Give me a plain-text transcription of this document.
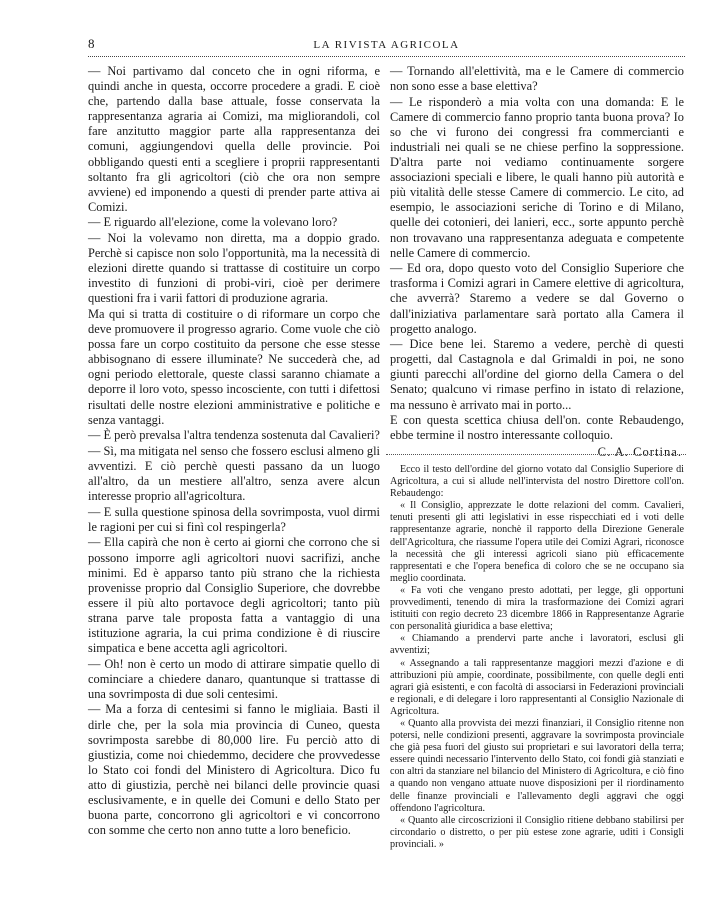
8	LA RIVISTA AGRICOLA

— Noi partivamo dal conceto che in ogni riforma, e quindi anche in questa, occorre procedere a gradi. E cioè che, partendo dalla base attuale, fosse conservata la rappresentanza agraria ai Comizi, ma migliorandoli, col fare anzitutto maggior parte alla rappresentanza dei comuni, aggiungendovi quella delle provincie. Poi obbligando questi enti a scegliere i proprii rappresentanti soltanto fra gli agricoltori (ciò che ora non sempre avviene) ed imponendo a questi di prender parte attiva ai Comizi.

— E riguardo all'elezione, come la volevano loro?

— Noi la volevamo non diretta, ma a doppio grado. Perchè si capisce non solo l'opportunità, ma la necessità di elezioni dirette quando si trattasse di costituire un corpo investito di funzioni di probi-viri, cioè per derimere questioni fra i varii fattori di produzione agraria.

Ma qui si tratta di costituire o di riformare un corpo che deve promuovere il progresso agrario. Come vuole che ciò possa fare un corpo costituito da persone che esse stesse abbisognano di essere illuminate? Ne succederà che, ad ogni periodo elettorale, queste classi saranno chiamate a deporre il loro voto, spesso incosciente, con tutti i difettosi risultati delle nostre elezioni amministrative e politiche e senza vantaggi.

— È però prevalsa l'altra tendenza sostenuta dal Cavalieri?

— Sì, ma mitigata nel senso che fossero esclusi almeno gli avventizi. E ciò perchè questi passano da un luogo all'altro, da un mestiere all'altro, senza avere alcun interesse proprio all'agricoltura.

— E sulla questione spinosa della sovrimposta, vuol dirmi le ragioni per cui si finì col respingerla?

— Ella capirà che non è certo ai giorni che corrono che si possono imporre agli agricoltori nuovi sacrifizi, anche minimi. Ed è apparso tanto più strano che la richiesta provenisse proprio dal Consiglio Superiore, che dovrebbe essere il più alto portavoce degli agricoltori; tanto più strana parve tale proposta fatta a vantaggio di una istituzione agraria, la cui prima condizione è di riuscire simpatica e bene accetta agli agricoltori.

— Oh! non è certo un modo di attirare simpatie quello di cominciare a chiedere danaro, quantunque si trattasse di una sovrimposta di due soli centesimi.

— Ma a forza di centesimi si fanno le migliaia. Basti il dirle che, per la sola mia provincia di Cuneo, questa sovrimposta sarebbe di 80,000 lire. Fu perciò atto di giustizia, come noi chiedemmo, decidere che provvedesse lo Stato coi fondi del Ministero di Agricoltura. Dico fu atto di giustizia, perchè nei bilanci delle provincie quasi esclusivamente, e in quelle dei Comuni e dello Stato per buona parte, concorrono gli agricoltori e vi concorrono con somme che certo non anno tutte a loro beneficio.

— Tornando all'elettività, ma e le Camere di commercio non sono esse a base elettiva?

— Le risponderò a mia volta con una domanda: E le Camere di commercio fanno proprio tanta buona prova? Io so che vi furono dei congressi fra commercianti e industriali nei quali se ne chiese perfino la soppressione. D'altra parte noi vediamo continuamente sorgere associazioni speciali e libere, le quali hanno più autorità e più vitalità delle stesse Camere di commercio. Le cito, ad esempio, le associazioni seriche di Torino e di Milano, quelle dei cotonieri, dei lanieri, ecc., sorte appunto perchè non trovavano una rappresentanza adeguata e competente nelle Camere di commercio.

— Ed ora, dopo questo voto del Consiglio Superiore che trasforma i Comizi agrari in Camere elettive di agricoltura, che avverrà? Staremo a vedere se dal Governo o dall'iniziativa parlamentare sarà portato alla Camera il progetto analogo.

— Dice bene lei. Staremo a vedere, perchè di questi progetti, dal Castagnola e dal Grimaldi in poi, ne sono giunti parecchi all'ordine del giorno della Camera o del Senato; qualcuno vi rimase perfino in istato di relazione, ma nessuno è arrivato mai in porto...

E con questa scettica chiusa dell'on. conte Rebaudengo, ebbe termine il nostro interessante colloquio.

C. A. Cortina.

Ecco il testo dell'ordine del giorno votato dal Consiglio Superiore di Agricoltura, a cui si allude nell'intervista del nostro Direttore coll'on. Rebaudengo:

« Il Consiglio, apprezzate le dotte relazioni del comm. Cavalieri, tenuti presenti gli atti legislativi in esse rispecchiati ed i voti delle rappresentanze agrarie, nonchè il rapporto della Direzione Generale dell'Agricoltura, che riassume l'opera utile dei Comizi Agrari, riconosce la necessità che gli interessi agricoli siano più efficacemente rappresentati e che l'opera benefica di coloro che se ne occupano sia meglio coordinata.

« Fa voti che vengano presto adottati, per legge, gli opportuni provvedimenti, tenendo di mira la trasformazione dei Comizi agrari istituiti con regio decreto 23 dicembre 1866 in Rappresentanze Agrarie con personalità giuridica a base elettiva;

« Chiamando a prendervi parte anche i lavoratori, esclusi gli avventizi;

« Assegnando a tali rappresentanze maggiori mezzi d'azione e di attribuzioni più ampie, coordinate, possibilmente, con quelle degli enti agrari già esistenti, e con facoltà di associarsi in Federazioni provinciali e regionali, e di delegare i loro rappresentanti al Consiglio Nazionale di Agricoltura.

« Quanto alla provvista dei mezzi finanziari, il Consiglio ritenne non potersi, nelle condizioni presenti, aggravare la sovrimposta provinciale che già pesa fuori del giusto sui proprietari e sui lavoratori della terra; essere quindi necessario l'intervento dello Stato, coi fondi già stanziati e con altri da stanziare nel bilancio del Ministero di Agricoltura, e ciò fino a quando non vengano attuate nuove disposizioni per il riordinamento delle finanze provinciali e l'allevamento degli aggravi che oggi offendono l'agricoltura.

« Quanto alle circoscrizioni il Consiglio ritiene debbano stabilirsi per circondario o distretto, o per più estese zone agrarie, uditi i Consigli provinciali. »
